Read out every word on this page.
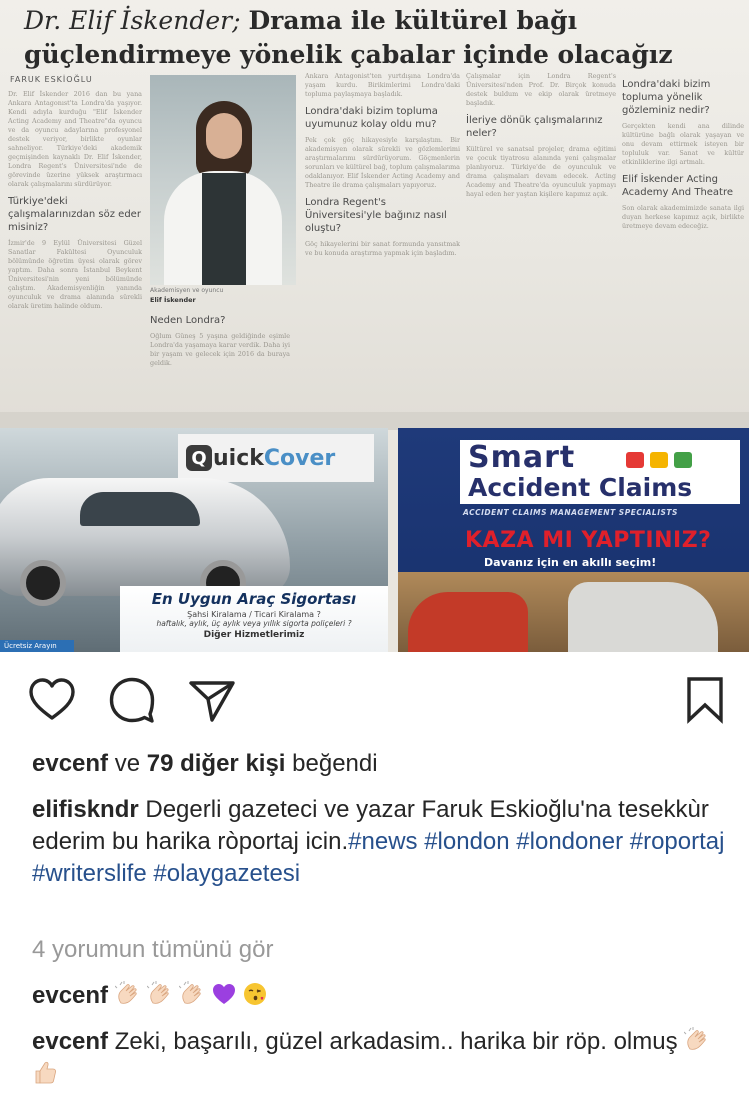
Dr. Elif İskender; Drama ile kültürel bağı güçlendirmeye yönelik çabalar içinde olacağız
FARUK ESKİOĞLU
Dr. Elif İskender 2016 dan bu yana Ankara Antagonıst'ta Londra'da yaşıyor. Kendi adıyla kurduğu "Elif İskender Acting Academy and Theatre"da oyuncu ve da oyuncu adaylarına profesyonel destek veriyor, birlikte oyunlar sahneliyor. Türkiye'deki akademik geçmişinden kaynaklı Dr. Elif İskender, Londra Regent's Üniversitesi'nde de görevinde üzerine yüksek araştırmacı olarak çalışmalarını sürdürüyor.
Türkiye'deki çalışmalarınızdan söz eder misiniz?
İzmir'de 9 Eylül Üniversitesi Güzel Sanatlar Fakültesi Oyunculuk bölümünde öğretim üyesi olarak görev yaptım. Daha sonra İstanbul Beykent Üniversitesi'nin yeni bölümünde çalıştım. Akademisyenliğin yanında oyunculuk ve drama alanında sürekli olarak üretim halinde oldum.
Akademisyen ve oyuncu
Elif İskender
Neden Londra?
Oğlum Güneş 5 yaşına geldiğinde eşimle Londra'da yaşamaya karar verdik. Daha iyi bir yaşam ve gelecek için 2016 da buraya geldik.
Ankara Antagonist'ten yurtdışına Londra'da yaşam kurdu. Birikimlerimi Londra'daki topluma paylaşmaya başladık.
Londra'daki bizim topluma uyumunuz kolay oldu mu?
Pek çok göç hikayesiyle karşılaştım. Bir akademisyen olarak sürekli ve gözlemlerimi araştırmalarımı sürdürüyorum. Göçmenlerin sorunları ve kültürel bağ, toplum çalışmalarıma odaklanıyor. Elif İskender Acting Academy and Theatre ile drama çalışmaları yapıyoruz.
Londra Regent's Üniversitesi'yle bağınız nasıl oluştu?
Göç hikayelerini bir sanat formunda yansıtmak ve bu konuda araştırma yapmak için başladım.
Çalışmalar için Londra Regent's Üniversitesi'nden Prof. Dr. Birçok konuda destek buldum ve ekip olarak üretmeye başladık.
İleriye dönük çalışmalarınız neler?
Kültürel ve sanatsal projeler, drama eğitimi ve çocuk tiyatrosu alanında yeni çalışmalar planlıyoruz. Türkiye'de de oyunculuk ve drama çalışmaları devam edecek. Acting Academy and Theatre'da oyunculuk yapmayı hayal eden her yaştan kişilere kapımız açık.
Londra'daki bizim topluma yönelik gözleminiz nedir?
Gerçekten kendi ana dilinde kültürüne bağlı olarak yaşayan ve onu devam ettirmek isteyen bir topluluk var. Sanat ve kültür etkinliklerine ilgi artmalı.
Elif İskender Acting Academy And Theatre
Son olarak akademimizde sanata ilgi duyan herkese kapımız açık, birlikte üretmeye devam edeceğiz.
Q uick Cover
En Uygun Araç Sigortası
Şahsi Kiralama / Ticari Kiralama ?
haftalık, aylık, üç aylık veya yıllık sigorta poliçeleri ?
Diğer Hizmetlerimiz
Ücretsiz Arayın
Smart
Accident Claims
ACCIDENT CLAIMS MANAGEMENT SPECIALISTS
KAZA MI YAPTINIZ?
Davanız için en akıllı seçim!
evcenf ve 79 diğer kişi beğendi
elifiskndr Degerli gazeteci ve yazar Faruk Eskioğlu'na tesekkùr ederim bu harika ròportaj icin.#news #london #londoner #roportaj #writerslife #olaygazetesi
4 yorumun tümünü gör
evcenf
evcenf Zeki, başarılı, güzel arkadasim.. harika bir röp. olmuş
